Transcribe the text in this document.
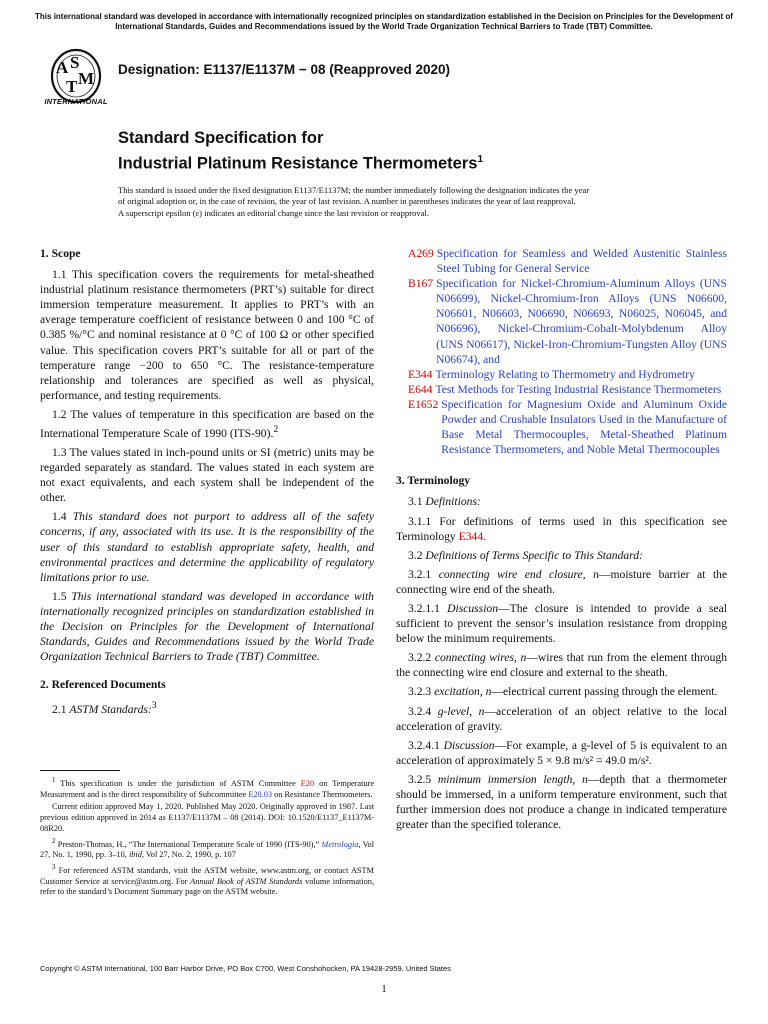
This international standard was developed in accordance with internationally recognized principles on standardization established in the Decision on Principles for the Development of International Standards, Guides and Recommendations issued by the World Trade Organization Technical Barriers to Trade (TBT) Committee.
A S
T M
INTERNATIONAL
Designation: E1137/E1137M − 08 (Reapproved 2020)
Standard Specification for
Industrial Platinum Resistance Thermometers$^1$
This standard is issued under the fixed designation E1137/E1137M; the number immediately following the designation indicates the year
of original adoption or, in the case of revision, the year of last revision. A number in parentheses indicates the year of last reapproval.
A superscript epsilon (ε) indicates an editorial change since the last revision or reapproval.
1. Scope

1.1 This specification covers the requirements for metal-sheathed industrial platinum resistance thermometers (PRT’s) suitable for direct immersion temperature measurement. It applies to PRT’s with an average temperature coefficient of resistance between 0 and 100 °C of 0.385 %/°C and nominal resistance at 0 °C of 100 Ω or other specified value. This specification covers PRT’s suitable for all or part of the temperature range −200 to 650 °C. The resistance-temperature relationship and tolerances are specified as well as physical, performance, and testing requirements.

1.2 The values of temperature in this specification are based on the International Temperature Scale of 1990 (ITS-90).$^2$

1.3 The values stated in inch-pound units or SI (metric) units may be regarded separately as standard. The values stated in each system are not exact equivalents, and each system shall be independent of the other.

1.4 This standard does not purport to address all of the safety concerns, if any, associated with its use. It is the responsibility of the user of this standard to establish appropriate safety, health, and environmental practices and determine the applicability of regulatory limitations prior to use.

1.5 This international standard was developed in accordance with internationally recognized principles on standardization established in the Decision on Principles for the Development of International Standards, Guides and Recommendations issued by the World Trade Organization Technical Barriers to Trade (TBT) Committee.

2. Referenced Documents

2.1 ASTM Standards:$^3$

$^1$ This specification is under the jurisdiction of ASTM Committee E20 on Temperature Measurement and is the direct responsibility of Subcommittee E20.03 on Resistance Thermometers.

Current edition approved May 1, 2020. Published May 2020. Originally approved in 1987. Last previous edition approved in 2014 as E1137/E1137M – 08 (2014). DOI: 10.1520/E1137_E1137M-08R20.

$^2$ Preston-Thomas, H., “The International Temperature Scale of 1990 (ITS-90),” Metrologia, Vol 27, No. 1, 1990, pp. 3–10, ibid, Vol 27, No. 2, 1990, p. 107

$^3$ For referenced ASTM standards, visit the ASTM website, www.astm.org, or contact ASTM Customer Service at service@astm.org. For Annual Book of ASTM Standards volume information, refer to the standard’s Document Summary page on the ASTM website.

A269 Specification for Seamless and Welded Austenitic Stainless Steel Tubing for General Service
B167 Specification for Nickel-Chromium-Aluminum Alloys (UNS N06699), Nickel-Chromium-Iron Alloys (UNS N06600, N06601, N06603, N06690, N06693, N06025, N06045, and N06696), Nickel-Chromium-Cobalt-Molybdenum Alloy (UNS N06617), Nickel-Iron-Chromium-Tungsten Alloy (UNS N06674), and
E344 Terminology Relating to Thermometry and Hydrometry
E644 Test Methods for Testing Industrial Resistance Thermometers
E1652 Specification for Magnesium Oxide and Aluminum Oxide Powder and Crushable Insulators Used in the Manufacture of Base Metal Thermocouples, Metal-Sheathed Platinum Resistance Thermometers, and Noble Metal Thermocouples
3. Terminology

3.1 Definitions:

3.1.1 For definitions of terms used in this specification see Terminology E344.

3.2 Definitions of Terms Specific to This Standard:

3.2.1 connecting wire end closure, n—moisture barrier at the connecting wire end of the sheath.

3.2.1.1 Discussion—The closure is intended to provide a seal sufficient to prevent the sensor’s insulation resistance from dropping below the minimum requirements.

3.2.2 connecting wires, n—wires that run from the element through the connecting wire end closure and external to the sheath.

3.2.3 excitation, n—electrical current passing through the element.

3.2.4 g-level, n—acceleration of an object relative to the local acceleration of gravity.

3.2.4.1 Discussion—For example, a g-level of 5 is equivalent to an acceleration of approximately 5 × 9.8 m/s² = 49.0 m/s².

3.2.5 minimum immersion length, n—depth that a thermometer should be immersed, in a uniform temperature environment, such that further immersion does not produce a change in indicated temperature greater than the specified tolerance.

Copyright © ASTM International, 100 Barr Harbor Drive, PO Box C700, West Conshohocken, PA 19428-2959. United States
1
